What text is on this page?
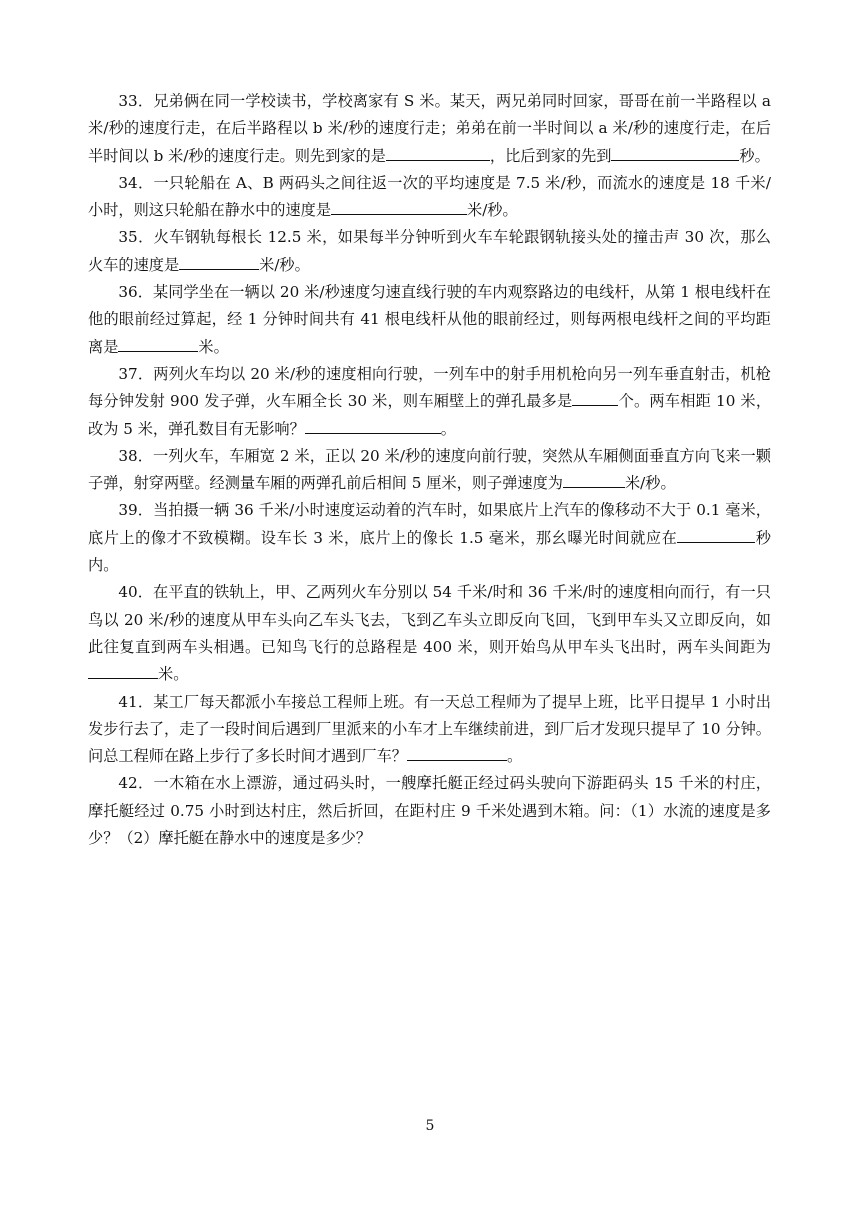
33．兄弟俩在同一学校读书，学校离家有 S 米。某天，两兄弟同时回家，哥哥在前一半路程以 a 米/秒的速度行走，在后半路程以 b 米/秒的速度行走；弟弟在前一半时间以 a 米/秒的速度行走，在后半时间以 b 米/秒的速度行走。则先到家的是	，比后到家的先到	秒。

34．一只轮船在 A、B 两码头之间往返一次的平均速度是 7.5 米/秒，而流水的速度是 18 千米/小时，则这只轮船在静水中的速度是	米/秒。

35．火车钢轨每根长 12.5 米，如果每半分钟听到火车车轮跟钢轨接头处的撞击声 30 次，那么火车的速度是	米/秒。

36．某同学坐在一辆以 20 米/秒速度匀速直线行驶的车内观察路边的电线杆，从第 1 根电线杆在他的眼前经过算起，经 1 分钟时间共有 41 根电线杆从他的眼前经过，则每两根电线杆之间的平均距离是	米。

37．两列火车均以 20 米/秒的速度相向行驶，一列车中的射手用机枪向另一列车垂直射击，机枪每分钟发射 900 发子弹，火车厢全长 30 米，则车厢壁上的弹孔最多是	个。两车相距 10 米，改为 5 米，弹孔数目有无影响？	。

38．一列火车，车厢宽 2 米，正以 20 米/秒的速度向前行驶，突然从车厢侧面垂直方向飞来一颗子弹，射穿两壁。经测量车厢的两弹孔前后相间 5 厘米，则子弹速度为	米/秒。

39．当拍摄一辆 36 千米/小时速度运动着的汽车时，如果底片上汽车的像移动不大于 0.1 毫米，底片上的像才不致模糊。设车长 3 米，底片上的像长 1.5 毫米，那幺曝光时间就应在	秒内。

40．在平直的铁轨上，甲、乙两列火车分别以 54 千米/时和 36 千米/时的速度相向而行，有一只鸟以 20 米/秒的速度从甲车头向乙车头飞去，飞到乙车头立即反向飞回，飞到甲车头又立即反向，如此往复直到两车头相遇。已知鸟飞行的总路程是 400 米，则开始鸟从甲车头飞出时，两车头间距为米。

41．某工厂每天都派小车接总工程师上班。有一天总工程师为了提早上班，比平日提早 1 小时出发步行去了，走了一段时间后遇到厂里派来的小车才上车继续前进，到厂后才发现只提早了 10 分钟。问总工程师在路上步行了多长时间才遇到厂车？	。

42．一木箱在水上漂游，通过码头时，一艘摩托艇正经过码头驶向下游距码头 15 千米的村庄，摩托艇经过 0.75 小时到达村庄，然后折回，在距村庄 9 千米处遇到木箱。问：（1）水流的速度是多少？（2）摩托艇在静水中的速度是多少？

5
